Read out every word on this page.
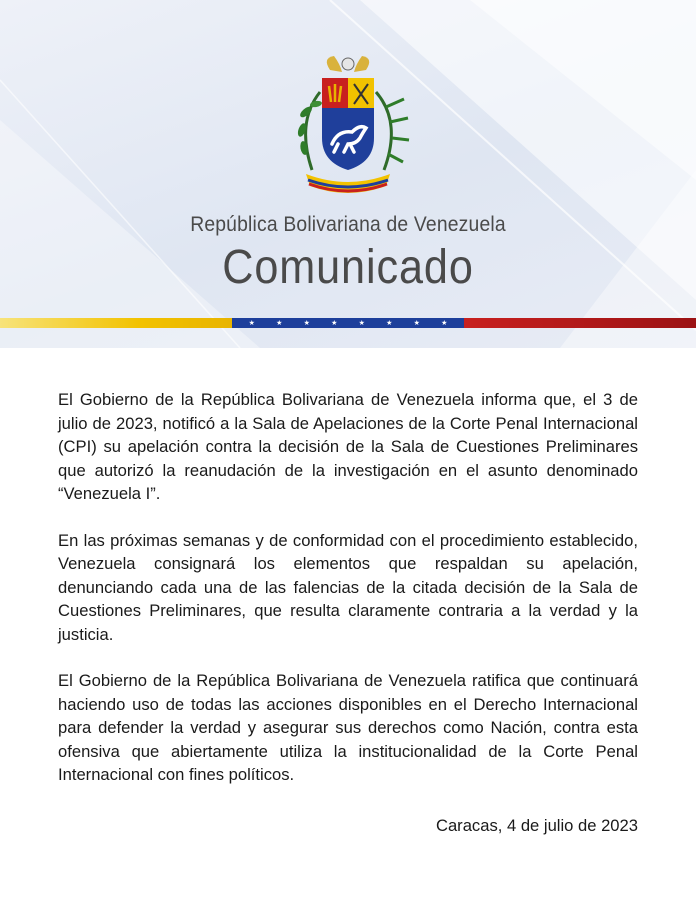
República Bolivariana de Venezuela
Comunicado
★	★	★	★	★	★	★	★

El Gobierno de la República Bolivariana de Venezuela informa que, el 3 de julio de 2023, notificó a la Sala de Apelaciones de la Corte Penal Internacional (CPI) su apelación contra la decisión de la Sala de Cuestiones Preliminares que autorizó la reanudación de la investigación en el asunto denominado “Venezuela I”.

En las próximas semanas y de conformidad con el procedimiento establecido, Venezuela consignará los elementos que respaldan su apelación, denunciando cada una de las falencias de la citada decisión de la Sala de Cuestiones Preliminares, que resulta claramente contraria a la verdad y la justicia.

El Gobierno de la República Bolivariana de Venezuela ratifica que continuará haciendo uso de todas las acciones disponibles en el Derecho Internacional para defender la verdad y asegurar sus derechos como Nación, contra esta ofensiva que abiertamente utiliza la institucionalidad de la Corte Penal Internacional con fines políticos.

Caracas, 4 de julio de 2023
